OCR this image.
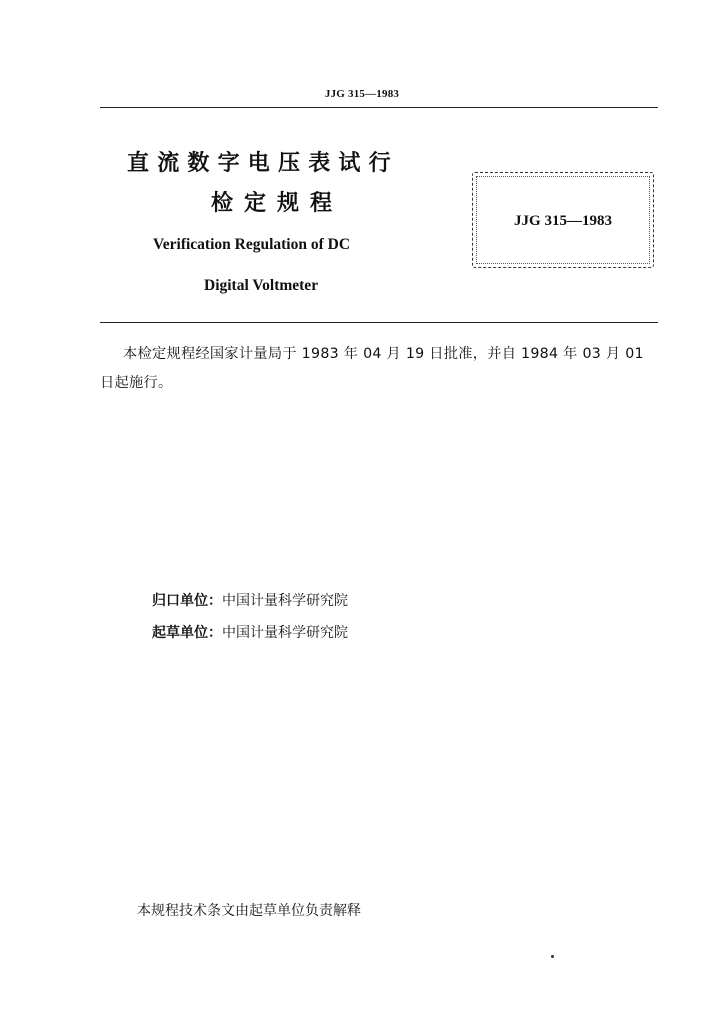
JJG 315—1983
直流数字电压表试行
检定规程
Verification Regulation of DC
Digital Voltmeter
JJG 315—1983
本检定规程经国家计量局于 1983 年 04 月 19 日批准，并自 1984 年 03 月 01 日起施行。
归口单位：中国计量科学研究院
起草单位：中国计量科学研究院
本规程技术条文由起草单位负责解释
